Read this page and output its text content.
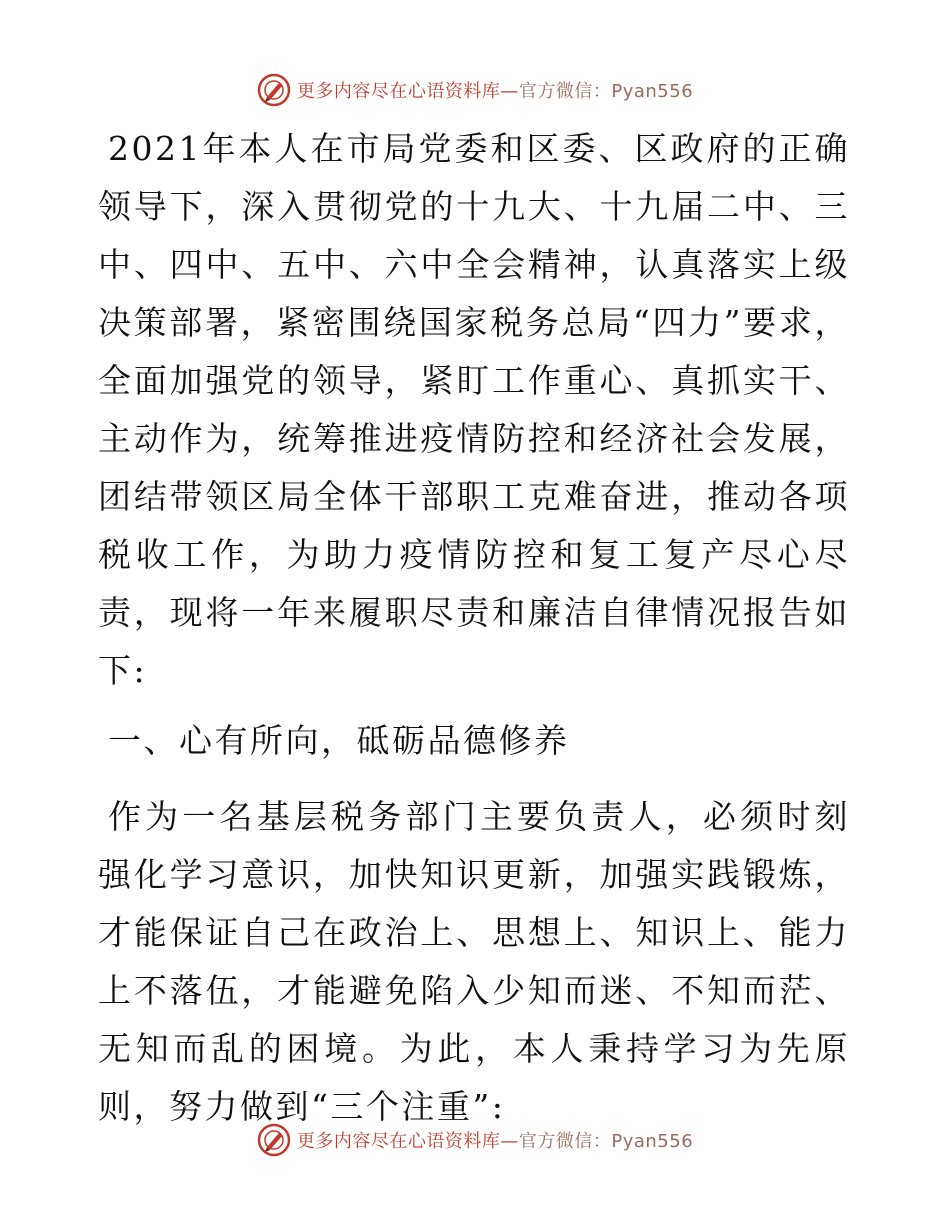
更多内容尽在心语资料库—官方微信：Pyan556

2021年本人在市局党委和区委、区政府的正确领导下，深入贯彻党的十九大、十九届二中、三中、四中、五中、六中全会精神，认真落实上级决策部署，紧密围绕国家税务总局“四力”要求，全面加强党的领导，紧盯工作重心、真抓实干、主动作为，统筹推进疫情防控和经济社会发展，团结带领区局全体干部职工克难奋进，推动各项税收工作，为助力疫情防控和复工复产尽心尽责，现将一年来履职尽责和廉洁自律情况报告如下:

一、心有所向，砥砺品德修养

作为一名基层税务部门主要负责人，必须时刻强化学习意识，加快知识更新，加强实践锻炼，才能保证自己在政治上、思想上、知识上、能力上不落伍，才能避免陷入少知而迷、不知而茫、无知而乱的困境。为此，本人秉持学习为先原则，努力做到“三个注重”:

更多内容尽在心语资料库—官方微信：Pyan556
